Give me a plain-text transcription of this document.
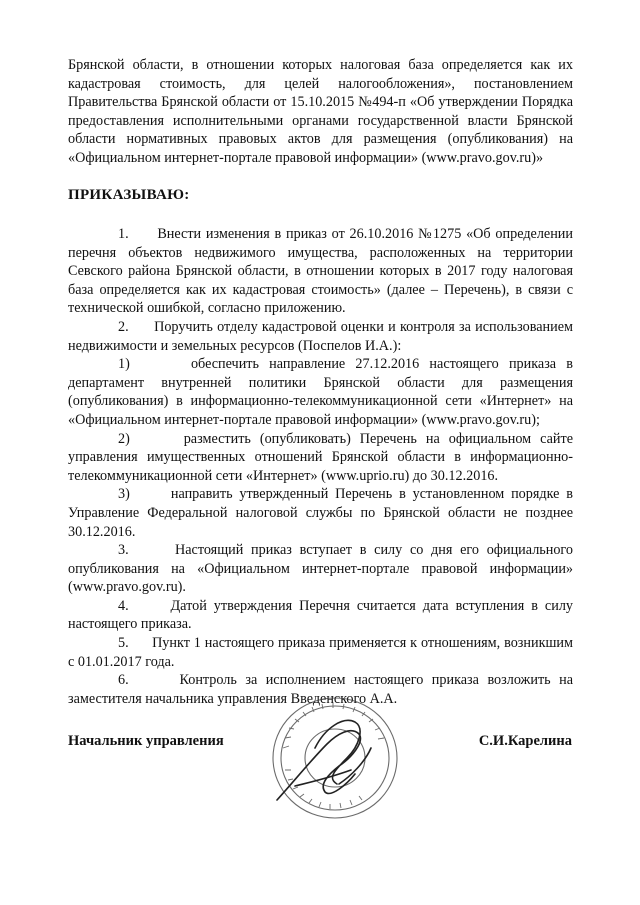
Брянской области, в отношении которых налоговая база определяется как их кадастровая стоимость, для целей налогообложения», постановлением Правительства Брянской области от 15.10.2015 №494-п «Об утверждении Порядка предоставления исполнительными органами государственной власти Брянской области нормативных правовых актов для размещения (опубликования) на «Официальном интернет-портале правовой информации» (www.pravo.gov.ru)»

ПРИКАЗЫВАЮ:

1.      Внести изменения в приказ от 26.10.2016 №1275 «Об определении перечня объектов недвижимого имущества, расположенных на территории Севского района Брянской области, в отношении которых в 2017 году налоговая база определяется как их кадастровая стоимость» (далее – Перечень), в связи с технической ошибкой, согласно приложению.

2.      Поручить отделу кадастровой оценки и контроля за использованием недвижимости и земельных ресурсов (Поспелов И.А.):

1)      обеспечить направление 27.12.2016 настоящего приказа в департамент внутренней политики Брянской области для размещения (опубликования) в информационно-телекоммуникационной сети «Интернет» на «Официальном интернет-портале правовой информации» (www.pravo.gov.ru);

2)      разместить (опубликовать) Перечень на официальном сайте управления имущественных отношений Брянской области в информационно-телекоммуникационной сети «Интернет» (www.uprio.ru) до 30.12.2016.

3)      направить утвержденный Перечень в установленном порядке в Управление Федеральной налоговой службы по Брянской области не позднее 30.12.2016.

3.      Настоящий приказ вступает в силу со дня его официального опубликования на «Официальном интернет-портале правовой информации» (www.pravo.gov.ru).

4.      Датой утверждения Перечня считается дата вступления в силу настоящего приказа.

5.      Пункт 1 настоящего приказа применяется к отношениям, возникшим с 01.01.2017 года.

6.      Контроль за исполнением настоящего приказа возложить на заместителя начальника управления Введенского А.А.

Начальник управления	С.И.Карелина
